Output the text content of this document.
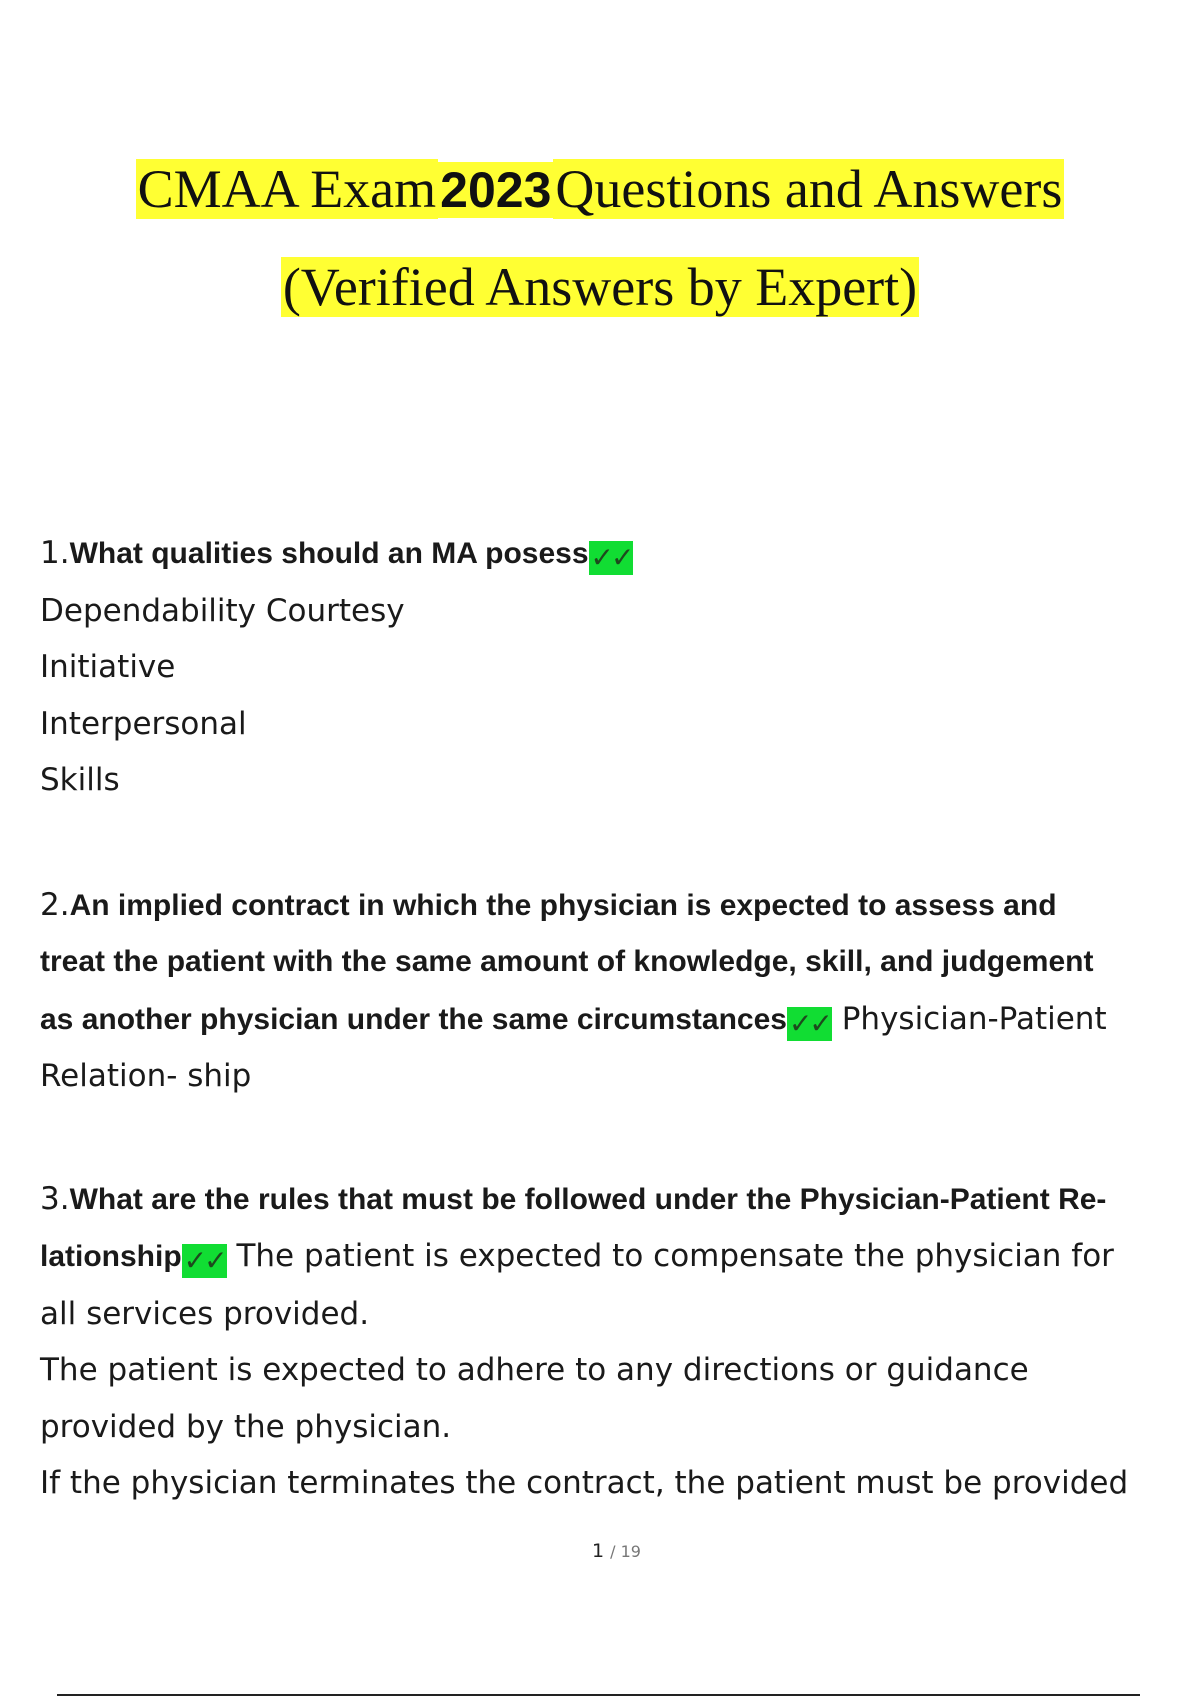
CMAA Exam2023Questions and Answers
(Verified Answers by Expert)
1.What qualities should an MA posess✓✓
Dependability Courtesy
Initiative
Interpersonal
Skills
2.An implied contract in which the physician is expected to assess and
treat the patient with the same amount of knowledge, skill, and judgement
as another physician under the same circumstances✓✓ Physician-Patient
Relation- ship
3.What are the rules that must be followed under the Physician-Patient Re-
lationship✓✓ The patient is expected to compensate the physician for
all services provided.
The patient is expected to adhere to any directions or guidance
provided by the physician.
If the physician terminates the contract, the patient must be provided
1 / 19
